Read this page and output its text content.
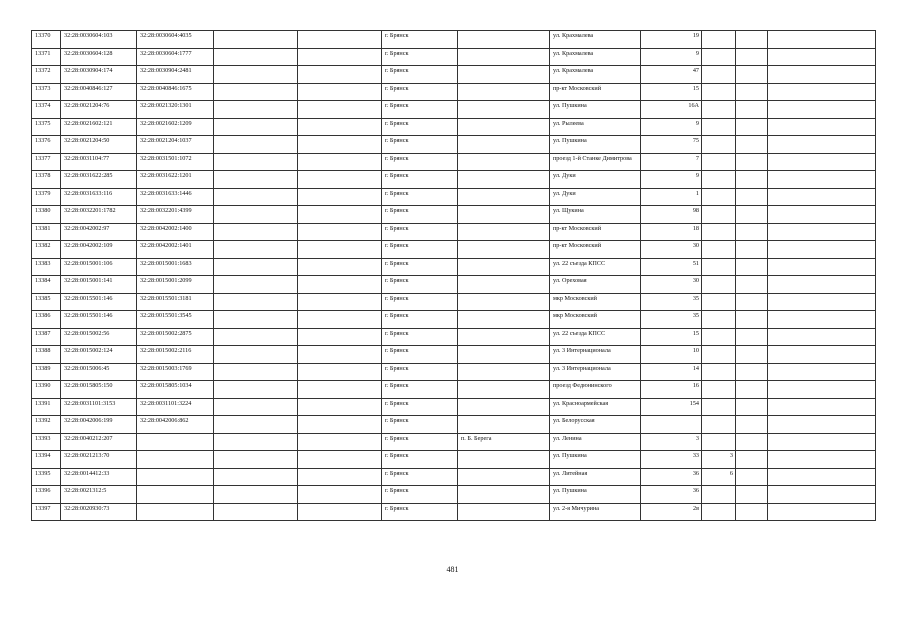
13370	32:28:0030604:103	32:28:0030604:4035			г. Брянск		ул. Крахмалева	19			
13371	32:28:0030604:128	32:28:0030604:1777			г. Брянск		ул. Крахмалева	9			
13372	32:28:0030904:174	32:28:0030904:2481			г. Брянск		ул. Крахмалева	47			
13373	32:28:0040846:127	32:28:0040846:1675			г. Брянск		пр-кт Московский	15			
13374	32:28:0021204:76	32:28:0021320:1301			г. Брянск		ул. Пушкина	16А			
13375	32:28:0021602:121	32:28:0021602:1209			г. Брянск		ул. Рылеева	9			
13376	32:28:0021204:50	32:28:0021204:1037			г. Брянск		ул. Пушкина	75			
13377	32:28:0031104:77	32:28:0031501:1072			г. Брянск		проезд 1-й Станке Димитрова	7			
13378	32:28:0031622:285	32:28:0031622:1201			г. Брянск		ул. Дуки	9			
13379	32:28:0031633:116	32:28:0031633:1446			г. Брянск		ул. Дуки	1			
13380	32:28:0032201:1782	32:28:0032201:4399			г. Брянск		ул. Щукина	98			
13381	32:28:0042002:97	32:28:0042002:1400			г. Брянск		пр-кт Московский	18			
13382	32:28:0042002:109	32:28:0042002:1401			г. Брянск		пр-кт Московский	30			
13383	32:28:0015001:106	32:28:0015001:1683			г. Брянск		ул. 22 съезда КПСС	51			
13384	32:28:0015001:141	32:28:0015001:2099			г. Брянск		ул. Ореховая	30			
13385	32:28:0015501:146	32:28:0015501:3181			г. Брянск		мкр Московский	35			
13386	32:28:0015501:146	32:28:0015501:3545			г. Брянск		мкр Московский	35			
13387	32:28:0015002:56	32:28:0015002:2875			г. Брянск		ул. 22 съезда КПСС	15			
13388	32:28:0015002:124	32:28:0015002:2116			г. Брянск		ул. 3 Интернационала	10			
13389	32:28:0015006:45	32:28:0015003:1769			г. Брянск		ул. 3 Интернационала	14			
13390	32:28:0015805:150	32:28:0015805:1034			г. Брянск		проезд Федюнинского	16			
13391	32:28:0031101:3153	32:28:0031101:3224			г. Брянск		ул. Красноармейская	154			
13392	32:28:0042006:199	32:28:0042006:862			г. Брянск		ул. Белорусская				
13393	32:28:0040212:207				г. Брянск	п. Б. Берега	ул. Ленина	3			
13394	32:28:0021213:70				г. Брянск		ул. Пушкина	33	3		
13395	32:28:0014412:33				г. Брянск		ул. Литейная	36	6		
13396	32:28:0021312:5				г. Брянск		ул. Пушкина	36			
13397	32:28:0020930:73				г. Брянск		ул. 2-я Мичурина	2в			
481
